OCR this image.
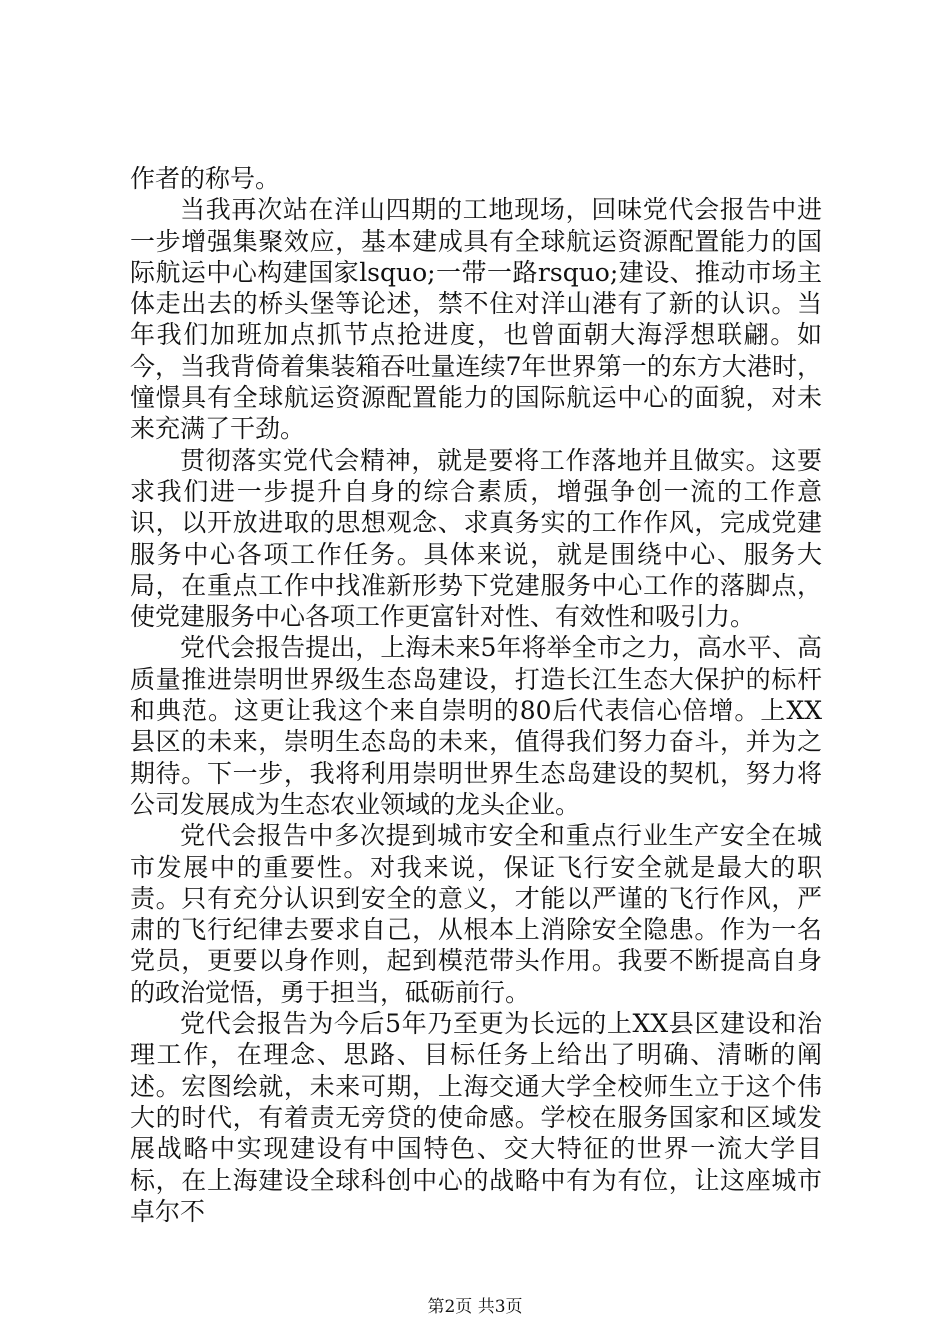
作者的称号。

当我再次站在洋山四期的工地现场，回味党代会报告中进一步增强集聚效应，基本建成具有全球航运资源配置能力的国际航运中心构建国家lsquo;一带一路rsquo;建设、推动市场主体走出去的桥头堡等论述，禁不住对洋山港有了新的认识。当年我们加班加点抓节点抢进度，也曾面朝大海浮想联翩。如今，当我背倚着集装箱吞吐量连续7年世界第一的东方大港时，憧憬具有全球航运资源配置能力的国际航运中心的面貌，对未来充满了干劲。

贯彻落实党代会精神，就是要将工作落地并且做实。这要求我们进一步提升自身的综合素质，增强争创一流的工作意识，以开放进取的思想观念、求真务实的工作作风，完成党建服务中心各项工作任务。具体来说，就是围绕中心、服务大局，在重点工作中找准新形势下党建服务中心工作的落脚点，使党建服务中心各项工作更富针对性、有效性和吸引力。

党代会报告提出，上海未来5年将举全市之力，高水平、高质量推进崇明世界级生态岛建设，打造长江生态大保护的标杆和典范。这更让我这个来自崇明的80后代表信心倍增。上XX县区的未来，崇明生态岛的未来，值得我们努力奋斗，并为之期待。下一步，我将利用崇明世界生态岛建设的契机，努力将公司发展成为生态农业领域的龙头企业。

党代会报告中多次提到城市安全和重点行业生产安全在城市发展中的重要性。对我来说，保证飞行安全就是最大的职责。只有充分认识到安全的意义，才能以严谨的飞行作风，严肃的飞行纪律去要求自己，从根本上消除安全隐患。作为一名党员，更要以身作则，起到模范带头作用。我要不断提高自身的政治觉悟，勇于担当，砥砺前行。

党代会报告为今后5年乃至更为长远的上XX县区建设和治理工作，在理念、思路、目标任务上给出了明确、清晰的阐述。宏图绘就，未来可期，上海交通大学全校师生立于这个伟大的时代，有着责无旁贷的使命感。学校在服务国家和区域发展战略中实现建设有中国特色、交大特征的世界一流大学目标，在上海建设全球科创中心的战略中有为有位，让这座城市卓尔不

第2页 共3页
